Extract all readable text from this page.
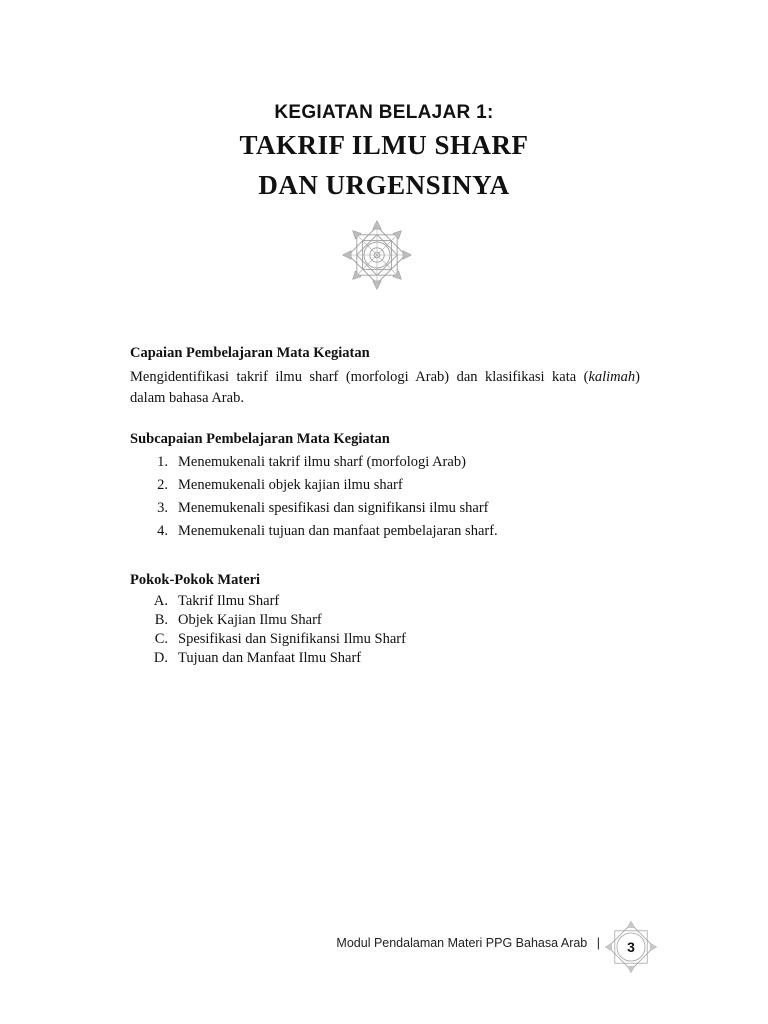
KEGIATAN BELAJAR 1:
TAKRIF ILMU SHARF
DAN URGENSINYA

Capaian Pembelajaran Mata Kegiatan

Mengidentifikasi takrif ilmu sharf (morfologi Arab) dan klasifikasi kata (kalimah) dalam bahasa Arab.

Subcapaian Pembelajaran Mata Kegiatan

1. Menemukenali takrif ilmu sharf (morfologi Arab)
2. Menemukenali objek kajian ilmu sharf
3. Menemukenali spesifikasi dan signifikansi ilmu sharf
4. Menemukenali tujuan dan manfaat pembelajaran sharf.

Pokok-Pokok Materi

A. Takrif Ilmu Sharf
B. Objek Kajian Ilmu Sharf
C. Spesifikasi dan Signifikansi Ilmu Sharf
D. Tujuan dan Manfaat Ilmu Sharf
Modul Pendalaman Materi PPG Bahasa Arab |	3
